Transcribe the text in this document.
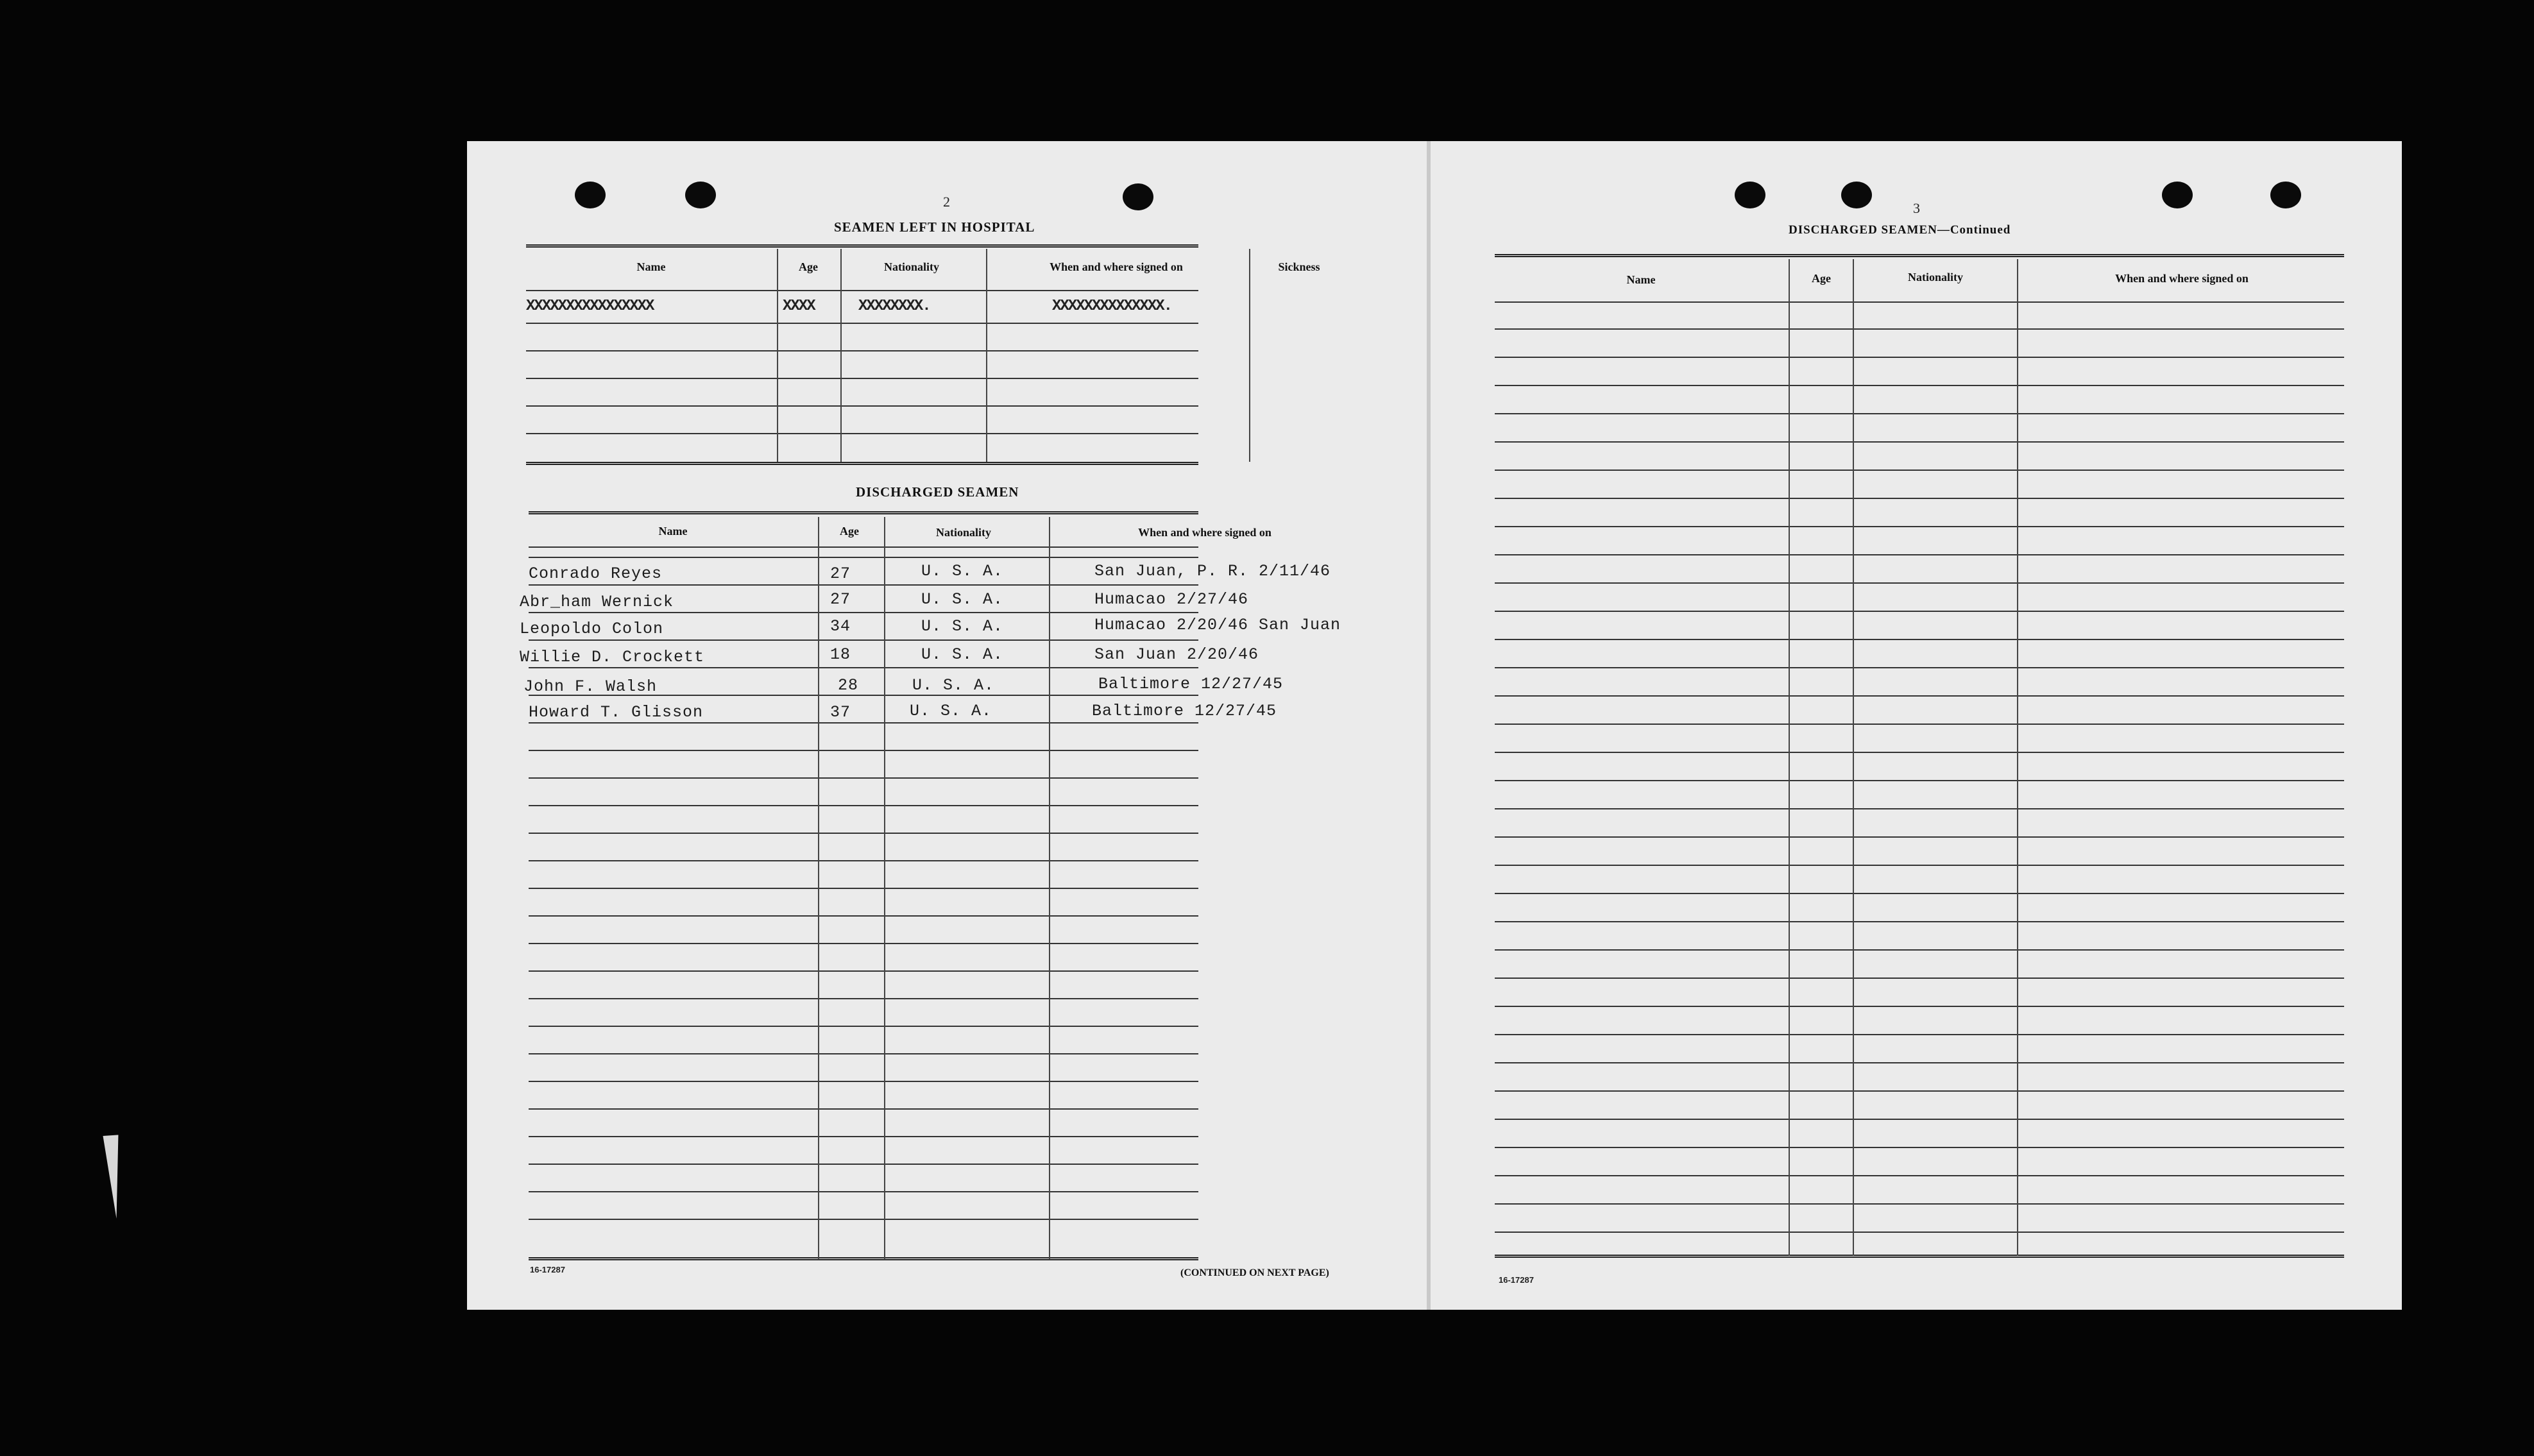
2
SEAMEN LEFT IN HOSPITAL
Name	Age	Nationality	When and where signed on	Sickness
XXXXXXXXXXXXXXXX	XXXX	XXXXXXXX.	XXXXXXXXXXXXXX.
DISCHARGED SEAMEN
Name	Age	Nationality	When and where signed on
Conrado Reyes	27	U. S. A.	San Juan, P. R. 2/11/46
Abr_ham Wernick	27	U. S. A.	Humacao 2/27/46
Leopoldo Colon	34	U. S. A.	Humacao 2/20/46 San Juan
Willie D. Crockett	18	U. S. A.	San Juan 2/20/46
John F. Walsh	28	U. S. A.	Baltimore 12/27/45
Howard T. Glisson	37	U. S. A.	Baltimore 12/27/45
16-17287	(CONTINUED ON NEXT PAGE)
3
DISCHARGED SEAMEN—Continued
Name	Age	Nationality	When and where signed on
16-17287
